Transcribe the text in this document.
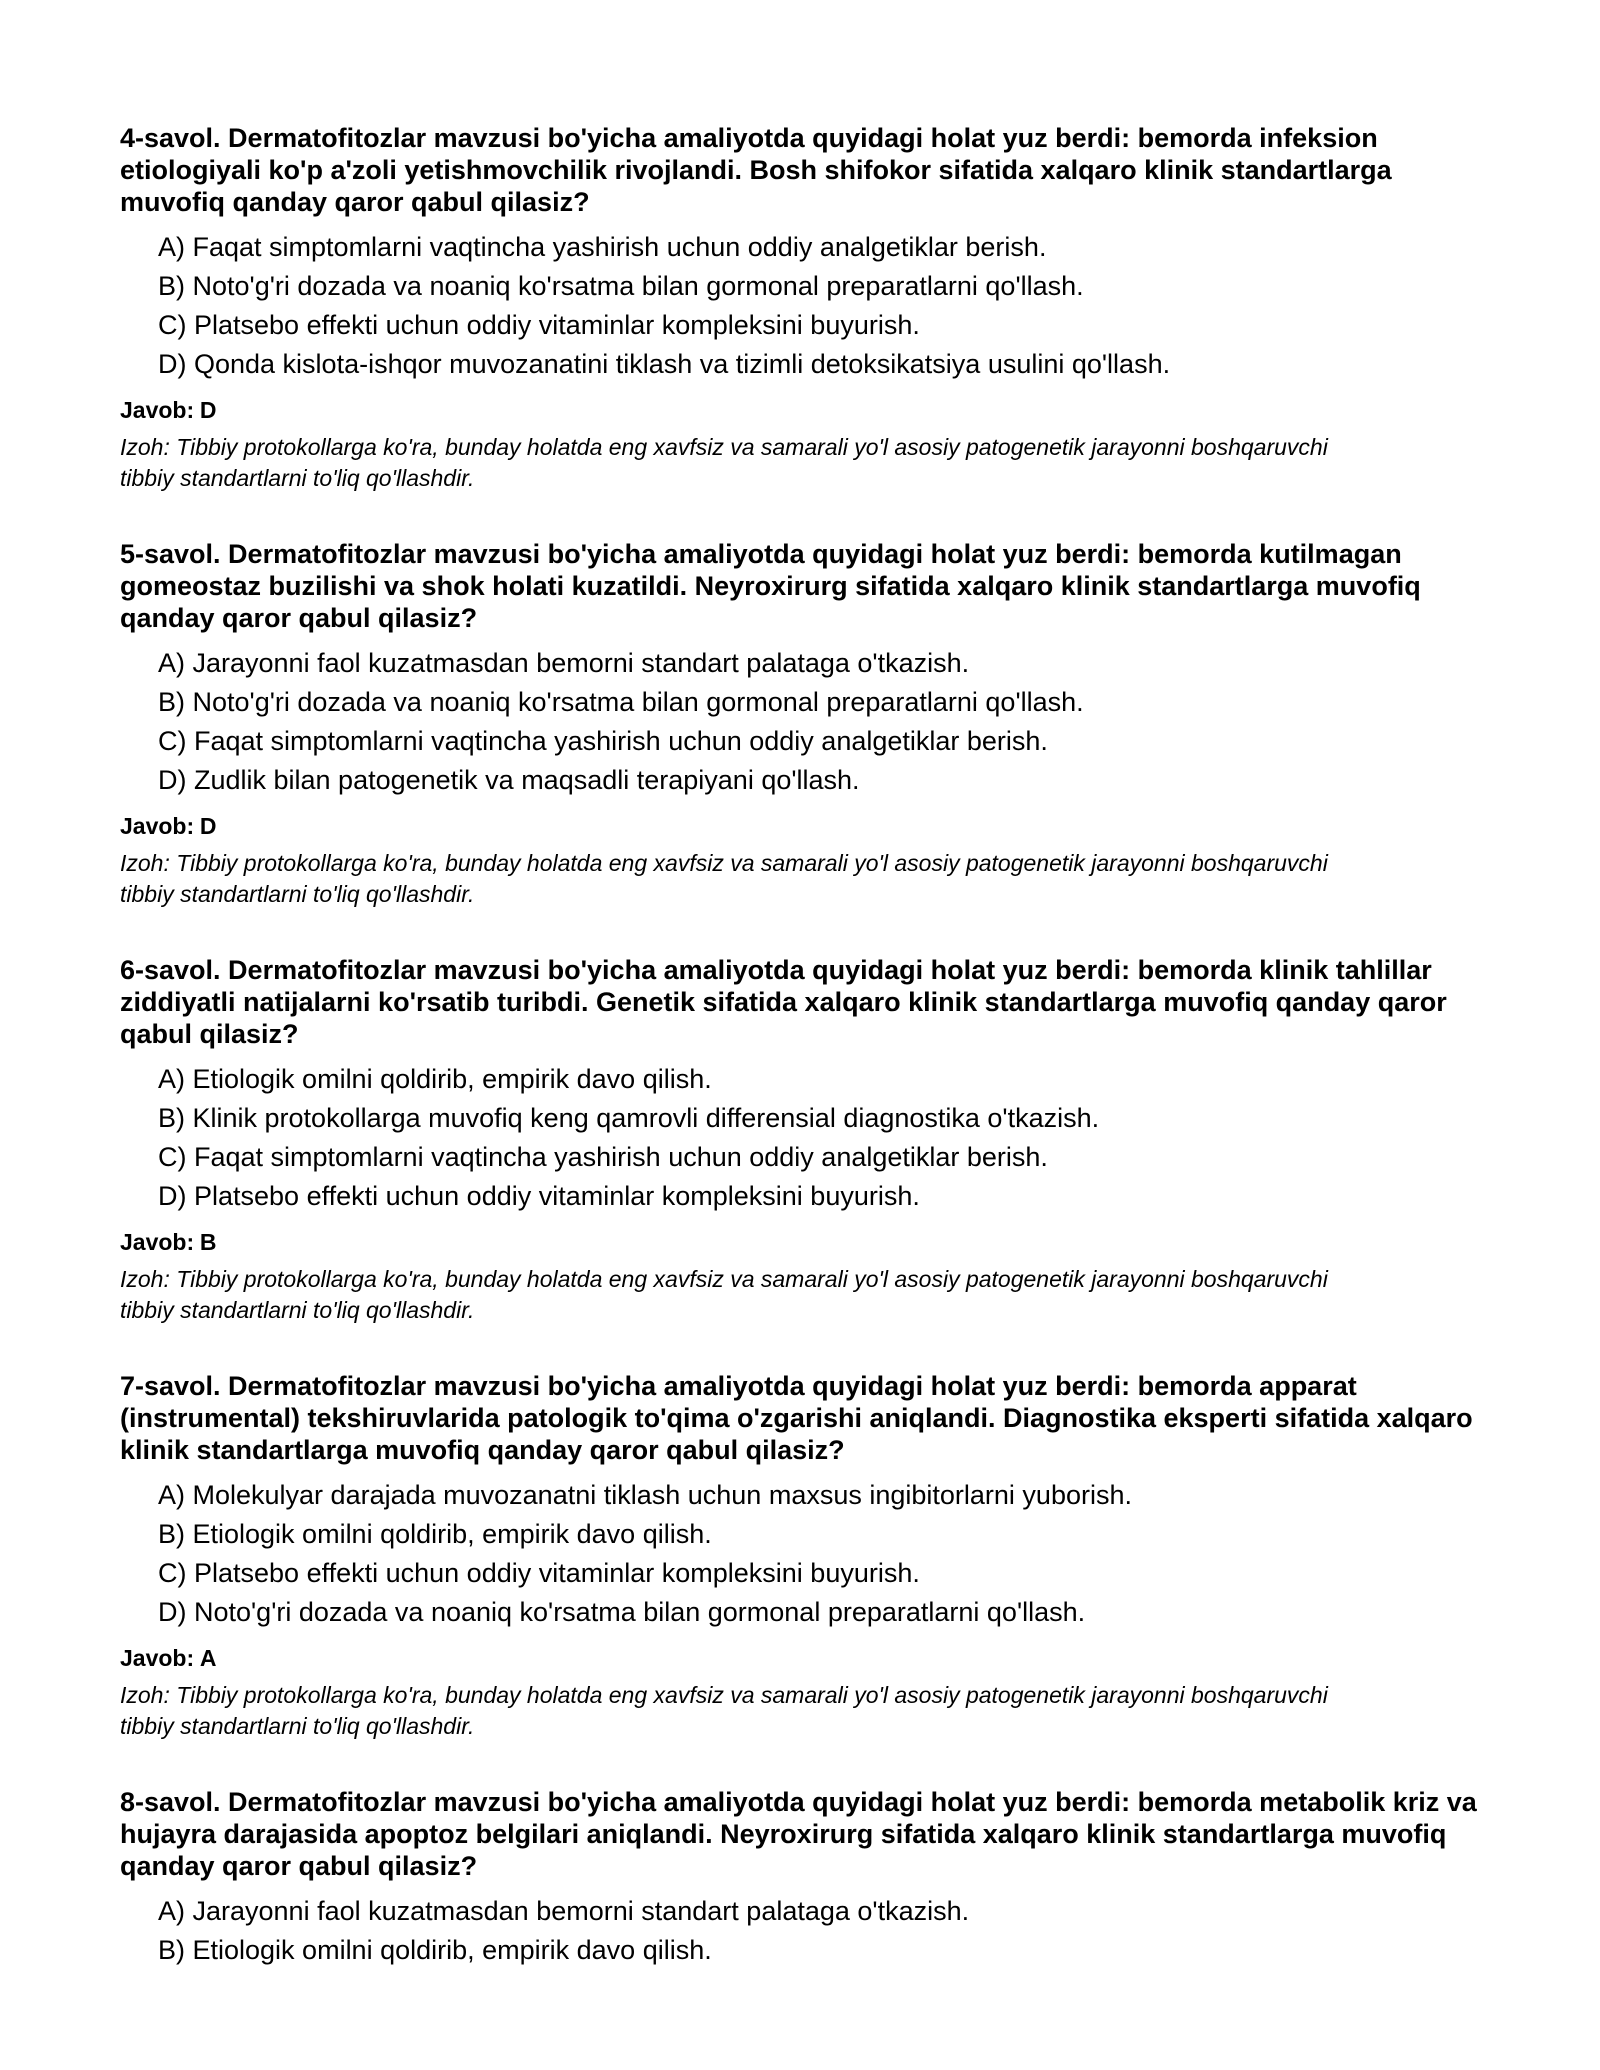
4-savol. Dermatofitozlar mavzusi bo'yicha amaliyotda quyidagi holat yuz berdi: bemorda infeksion etiologiyali ko'p a'zoli yetishmovchilik rivojlandi. Bosh shifokor sifatida xalqaro klinik standartlarga muvofiq qanday qaror qabul qilasiz?

A) Faqat simptomlarni vaqtincha yashirish uchun oddiy analgetiklar berish.
B) Noto'g'ri dozada va noaniq ko'rsatma bilan gormonal preparatlarni qo'llash.
C) Platsebo effekti uchun oddiy vitaminlar kompleksini buyurish.
D) Qonda kislota-ishqor muvozanatini tiklash va tizimli detoksikatsiya usulini qo'llash.

Javob: D

Izoh: Tibbiy protokollarga ko'ra, bunday holatda eng xavfsiz va samarali yo'l asosiy patogenetik jarayonni boshqaruvchi tibbiy standartlarni to'liq qo'llashdir.

5-savol. Dermatofitozlar mavzusi bo'yicha amaliyotda quyidagi holat yuz berdi: bemorda kutilmagan gomeostaz buzilishi va shok holati kuzatildi. Neyroxirurg sifatida xalqaro klinik standartlarga muvofiq qanday qaror qabul qilasiz?

A) Jarayonni faol kuzatmasdan bemorni standart palataga o'tkazish.
B) Noto'g'ri dozada va noaniq ko'rsatma bilan gormonal preparatlarni qo'llash.
C) Faqat simptomlarni vaqtincha yashirish uchun oddiy analgetiklar berish.
D) Zudlik bilan patogenetik va maqsadli terapiyani qo'llash.

Javob: D

Izoh: Tibbiy protokollarga ko'ra, bunday holatda eng xavfsiz va samarali yo'l asosiy patogenetik jarayonni boshqaruvchi tibbiy standartlarni to'liq qo'llashdir.

6-savol. Dermatofitozlar mavzusi bo'yicha amaliyotda quyidagi holat yuz berdi: bemorda klinik tahlillar ziddiyatli natijalarni ko'rsatib turibdi. Genetik sifatida xalqaro klinik standartlarga muvofiq qanday qaror qabul qilasiz?

A) Etiologik omilni qoldirib, empirik davo qilish.
B) Klinik protokollarga muvofiq keng qamrovli differensial diagnostika o'tkazish.
C) Faqat simptomlarni vaqtincha yashirish uchun oddiy analgetiklar berish.
D) Platsebo effekti uchun oddiy vitaminlar kompleksini buyurish.

Javob: B

Izoh: Tibbiy protokollarga ko'ra, bunday holatda eng xavfsiz va samarali yo'l asosiy patogenetik jarayonni boshqaruvchi tibbiy standartlarni to'liq qo'llashdir.

7-savol. Dermatofitozlar mavzusi bo'yicha amaliyotda quyidagi holat yuz berdi: bemorda apparat (instrumental) tekshiruvlarida patologik to'qima o'zgarishi aniqlandi. Diagnostika eksperti sifatida xalqaro klinik standartlarga muvofiq qanday qaror qabul qilasiz?

A) Molekulyar darajada muvozanatni tiklash uchun maxsus ingibitorlarni yuborish.
B) Etiologik omilni qoldirib, empirik davo qilish.
C) Platsebo effekti uchun oddiy vitaminlar kompleksini buyurish.
D) Noto'g'ri dozada va noaniq ko'rsatma bilan gormonal preparatlarni qo'llash.

Javob: A

Izoh: Tibbiy protokollarga ko'ra, bunday holatda eng xavfsiz va samarali yo'l asosiy patogenetik jarayonni boshqaruvchi tibbiy standartlarni to'liq qo'llashdir.

8-savol. Dermatofitozlar mavzusi bo'yicha amaliyotda quyidagi holat yuz berdi: bemorda metabolik kriz va hujayra darajasida apoptoz belgilari aniqlandi. Neyroxirurg sifatida xalqaro klinik standartlarga muvofiq qanday qaror qabul qilasiz?

A) Jarayonni faol kuzatmasdan bemorni standart palataga o'tkazish.
B) Etiologik omilni qoldirib, empirik davo qilish.
